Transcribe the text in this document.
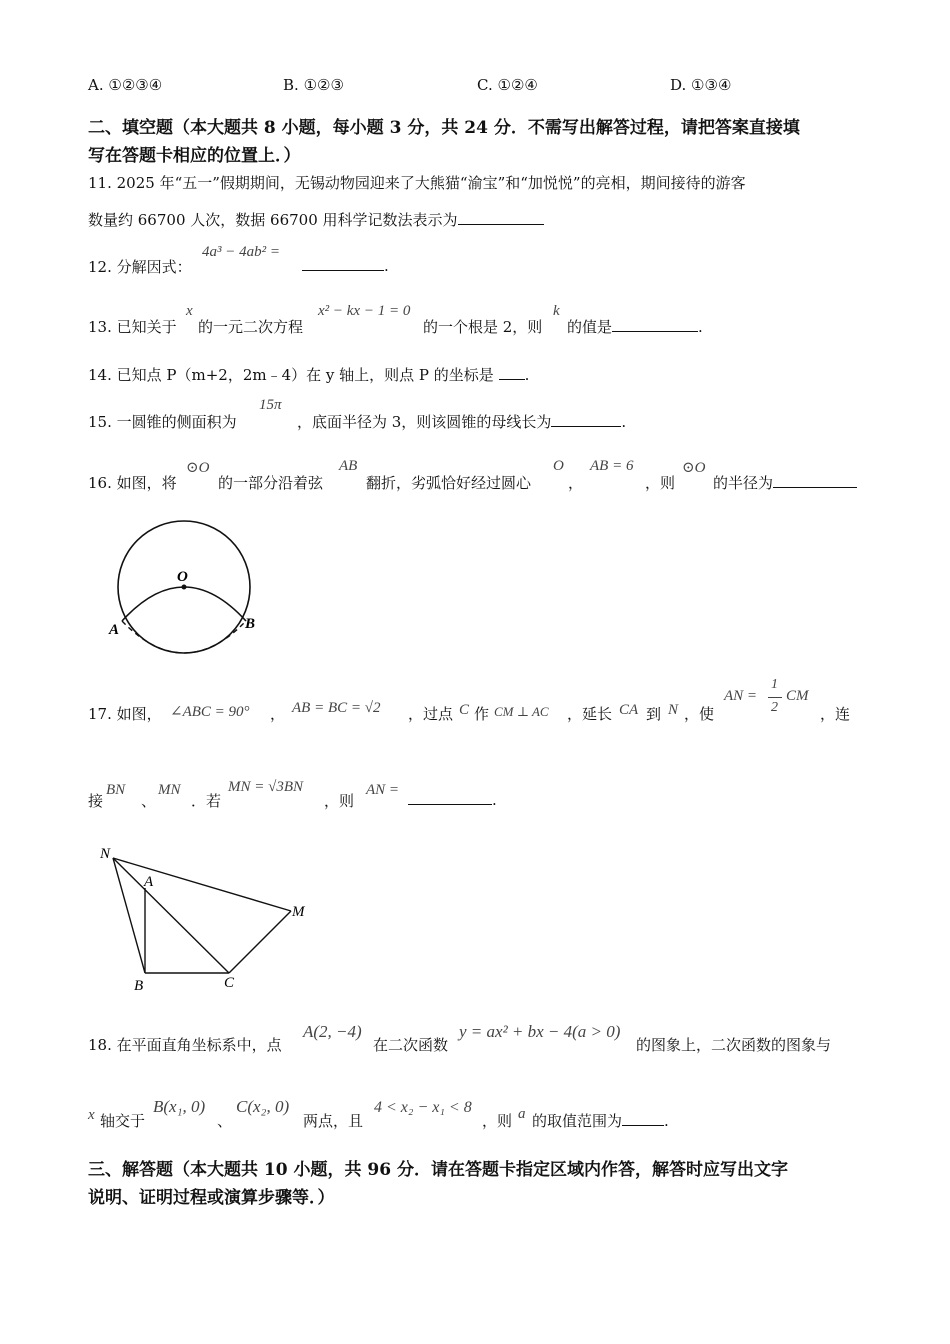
A. ①②③④	B. ①②③	C. ①②④	D. ①③④
二、填空题（本大题共 8 小题，每小题 3 分，共 24 分．不需写出解答过程，请把答案直接填
写在答题卡相应的位置上．）
11. 2025 年“五一”假期期间，无锡动物园迎来了大熊猫“渝宝”和“加悦悦”的亮相，期间接待的游客
数量约 66700 人次，数据 66700 用科学记数法表示为
12. 分解因式：
4a³ − 4ab² =
.
13. 已知关于
x
的一元二次方程
x² − kx − 1 = 0
的一个根是 2，则
k
的值是	.
14. 已知点 P（m+2，2m﹣4）在 y 轴上，则点 P 的坐标是 .
15. 一圆锥的侧面积为
15π
，底面半径为 3，则该圆锥的母线长为	.
16. 如图，将
⊙O
的一部分沿着弦
AB
翻折，劣弧恰好经过圆心
O
，
AB = 6
，则
⊙O
的半径为
O
A	B
17. 如图， ∠ABC = 90° ， AB = BC = √2 ，过点 C 作 CM ⊥ AC ，延长 CA 到 N ，使
AN =
1
2
CM
，连
接
BN
、
MN
．若
MN = √3BN
，则
AN =
.
N
A
M
B	C
18. 在平面直角坐标系中，点
A(2, −4)
在二次函数
y = ax² + bx − 4(a > 0)
的图象上，二次函数的图象与
x 轴交于
B(x₁, 0)
、
C(x₂, 0)
两点，且
4 < x₂ − x₁ < 8
，则 a 的取值范围为	.
三、解答题（本大题共 10 小题，共 96 分．请在答题卡指定区域内作答，解答时应写出文字
说明、证明过程或演算步骤等．）
